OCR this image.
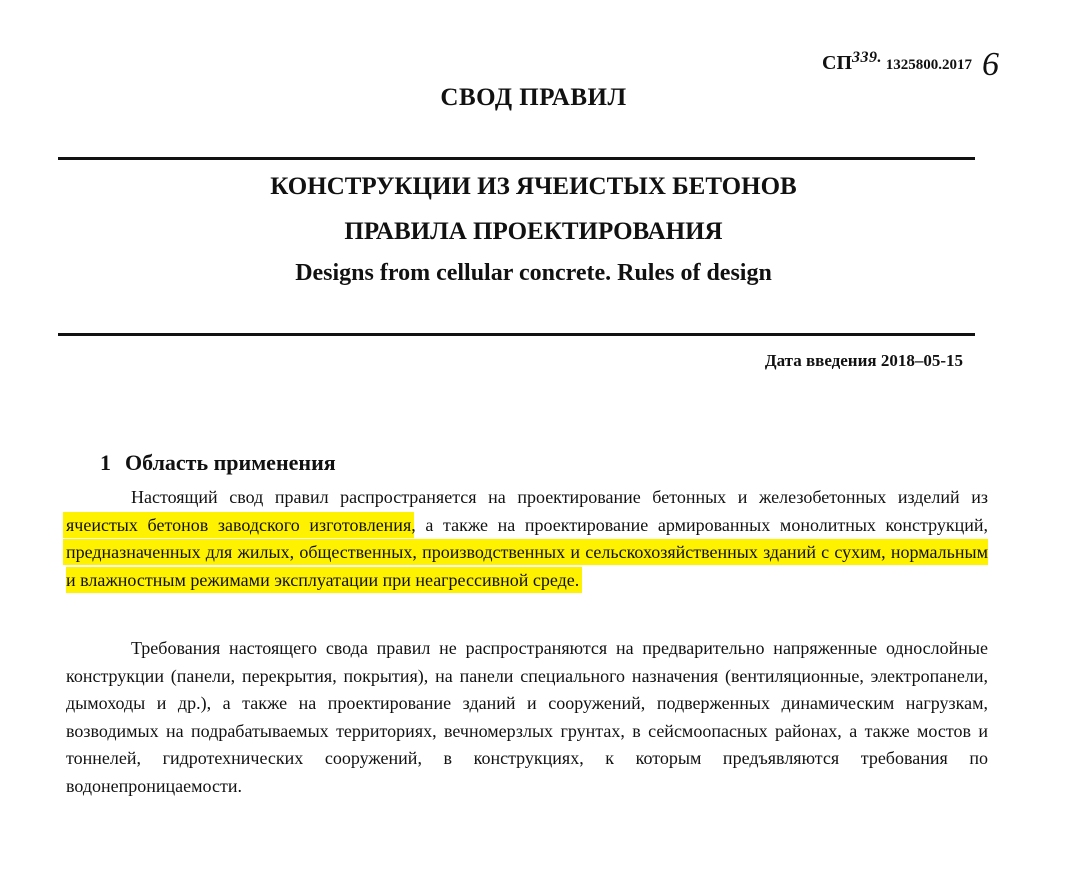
СП339. 1325800.2017 6
СВОД ПРАВИЛ
КОНСТРУКЦИИ ИЗ ЯЧЕИСТЫХ БЕТОНОВ
ПРАВИЛА ПРОЕКТИРОВАНИЯ
Designs from cellular concrete. Rules of design
Дата введения 2018–05-15
1 Область применения
Настоящий свод правил распространяется на проектирование бетонных и железобетонных изделий из ячеистых бетонов заводского изготовления, а также на проектирование армированных монолитных конструкций, предназначенных для жилых, общественных, производственных и сельскохозяйственных зданий с сухим, нормальным и влажностным режимами эксплуатации при неагрессивной среде.
Требования настоящего свода правил не распространяются на предварительно напряженные однослойные конструкции (панели, перекрытия, покрытия), на панели специального назначения (вентиляционные, электропанели, дымоходы и др.), а также на проектирование зданий и сооружений, подверженных динамическим нагрузкам, возводимых на подрабатываемых территориях, вечномерзлых грунтах, в сейсмоопасных районах, а также мостов и тоннелей, гидротехнических сооружений, в конструкциях, к которым предъявляются требования по водонепроницаемости.
